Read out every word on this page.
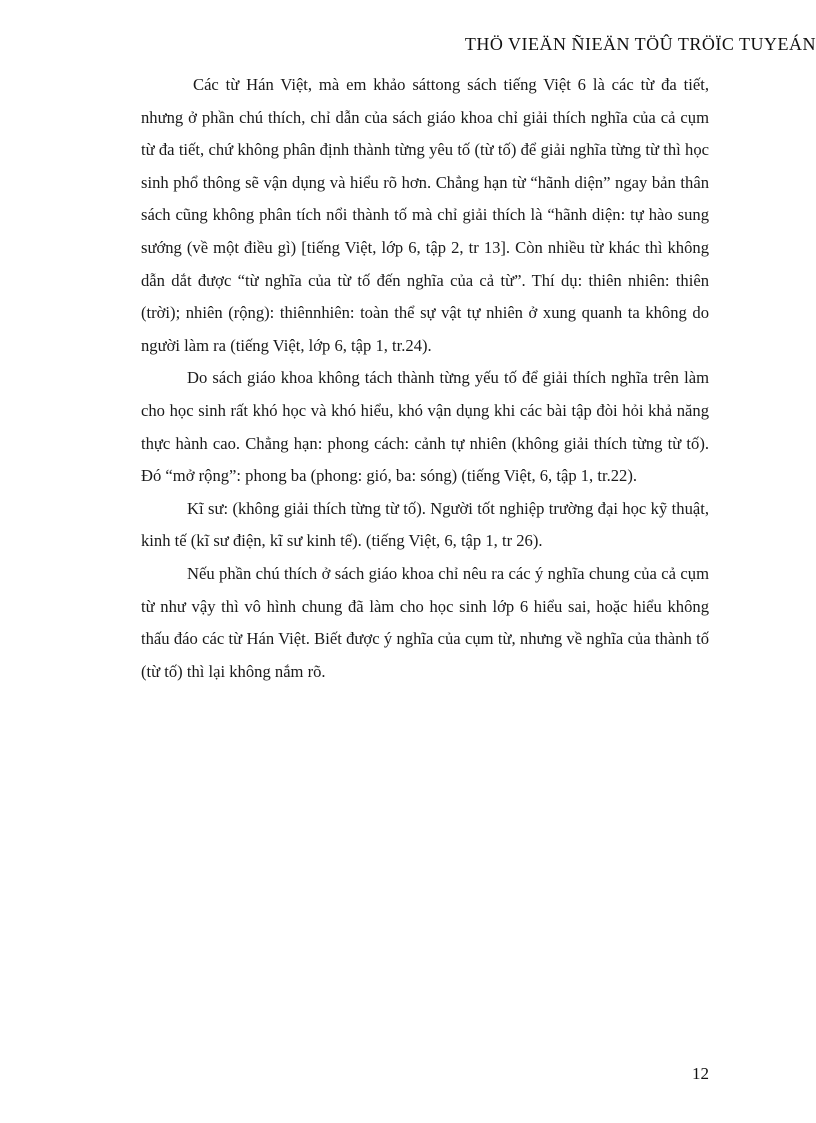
THÖ VIEÄN ÑIEÄN TÖÛ TRÖÏC TUYEÁN

Các từ Hán Việt, mà em khảo sáttong sách tiếng Việt 6 là các từ đa tiết, nhưng ở phần chú thích, chỉ dẫn của sách giáo khoa chỉ giải thích nghĩa của cả cụm từ đa tiết, chứ không phân định thành từng yêu tố (từ tố) để giải nghĩa từng từ thì học sinh phổ thông sẽ vận dụng và hiểu rõ hơn. Chẳng hạn từ “hãnh diện” ngay bản thân sách cũng không phân tích nổi thành tố mà chỉ giải thích là “hãnh diện: tự hào sung sướng (về một điều gì) [tiếng Việt, lớp 6, tập 2, tr 13]. Còn nhiều từ khác thì không dẫn dắt được “từ nghĩa của từ tố đến nghĩa của cả từ”. Thí dụ: thiên nhiên: thiên (trời); nhiên (rộng): thiênnhiên: toàn thể sự vật tự nhiên ở xung quanh ta không do người làm ra (tiếng Việt, lớp 6, tập 1, tr.24).

Do sách giáo khoa không tách thành từng yếu tố để giải thích nghĩa trên làm cho học sinh rất khó học và khó hiểu, khó vận dụng khi các bài tập đòi hỏi khả năng thực hành cao. Chẳng hạn: phong cách: cảnh tự nhiên (không giải thích từng từ tố). Đó “mở rộng”: phong ba (phong: gió, ba: sóng) (tiếng Việt, 6, tập 1, tr.22).

Kĩ sư: (không giải thích từng từ tố). Người tốt nghiệp trường đại học kỹ thuật, kinh tế (kĩ sư điện, kĩ sư kinh tế). (tiếng Việt, 6, tập 1, tr 26).

Nếu phần chú thích ở sách giáo khoa chỉ nêu ra các ý nghĩa chung của cả cụm từ như vậy thì vô hình chung đã làm cho học sinh lớp 6 hiểu sai, hoặc hiểu không thấu đáo các từ Hán Việt. Biết được ý nghĩa của cụm từ, nhưng về nghĩa của thành tố (từ tố) thì lại không nắm rõ.

12
